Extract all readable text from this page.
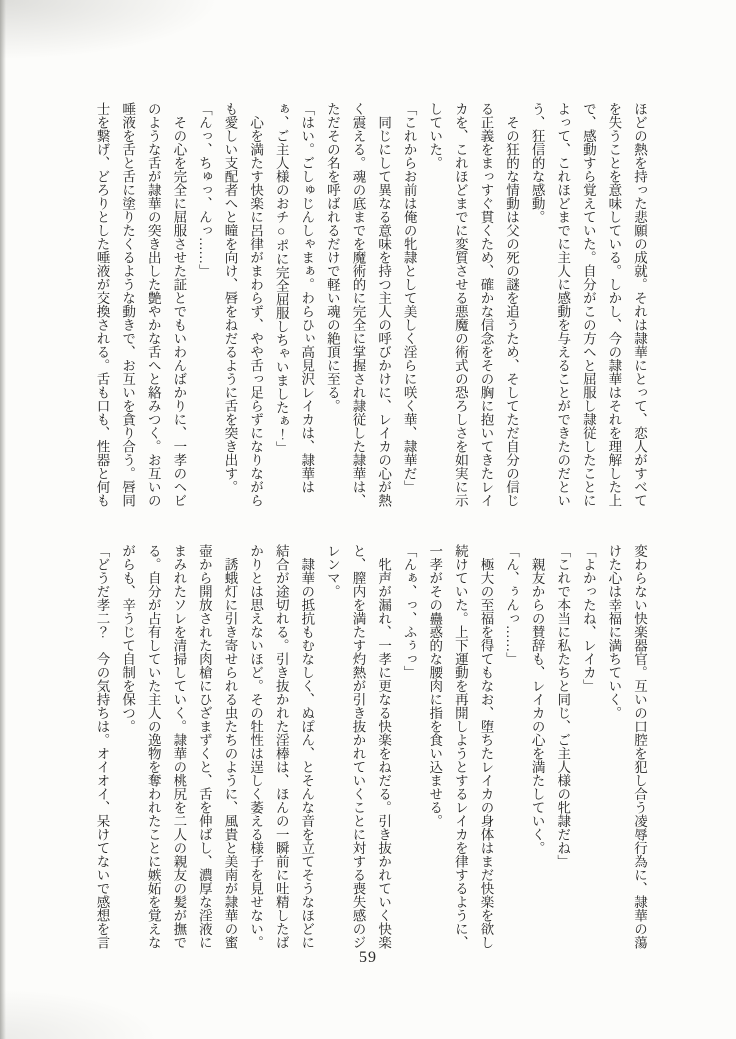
ほどの熱を持った悲願の成就。それは隷華にとって、恋人がすべて
を失うことを意味している。しかし、今の隷華はそれを理解した上
で、感動すら覚えていた。自分がこの方へと屈服し隷従したことに
よって、これほどまでに主人に感動を与えることができたのだとい
う、狂信的な感動。
　その狂的な情動は父の死の謎を追うため、そしてただ自分の信じ
る正義をまっすぐ貫くため、確かな信念をその胸に抱いてきたレイ
カを、これほどまでに変質させる悪魔の術式の恐ろしさを如実に示
していた。
「これからお前は俺の牝隷として美しく淫らに咲く華、隷華だ」
　同じにして異なる意味を持つ主人の呼びかけに、レイカの心が熱
く震える。魂の底までを魔術的に完全に掌握され隷従した隷華は、
ただその名を呼ばれるだけで軽い魂の絶頂に至る。
「はい。ごしゅじんしゃまぁ。わらひぃ高見沢レイカは、隷華は
ぁ、ご主人様のおチ○ポに完全屈服しちゃいましたぁ！」
　心を満たす快楽に呂律がまわらず、やや舌っ足らずになりながら
も愛しい支配者へと瞳を向け、唇をねだるように舌を突き出す。
「んっ、ちゅっ、んっ……」
　その心を完全に屈服させた証とでもいわんばかりに、一孝のヘビ
のような舌が隷華の突き出した艶やかな舌へと絡みつく。お互いの
唾液を舌と舌に塗りたくるような動きで、お互いを貪り合う。唇同
士を繋げ、どろりとした唾液が交換される。舌も口も、性器と何も
変わらない快楽器官。互いの口腔を犯し合う凌辱行為に、隷華の蕩
けた心は幸福に満ちていく。
「よかったね、レイカ」
「これで本当に私たちと同じ、ご主人様の牝隷だね」
　親友からの賛辞も、レイカの心を満たしていく。
「ん、ぅんっ……」
　極大の至福を得てもなお、堕ちたレイカの身体はまだ快楽を欲し
続けていた。上下運動を再開しようとするレイカを律するように、
一孝がその蠱惑的な腰肉に指を食い込ませる。
「んぁ、っ、ふぅっ」
　牝声が漏れ、一孝に更なる快楽をねだる。引き抜かれていく快楽
と、膣内を満たす灼熱が引き抜かれていくことに対する喪失感のジ
レンマ。
　隷華の抵抗もむなしく、ぬぽん、とそんな音を立てそうなほどに
結合が途切れる。引き抜かれた淫棒は、ほんの一瞬前に吐精したば
かりとは思えないほど。その牡性は逞しく萎える様子を見せない。
　誘蛾灯に引き寄せられる虫たちのように、風貴と美南が隷華の蜜
壺から開放された肉槍にひざまずくと、舌を伸ばし、濃厚な淫液に
まみれたソレを清掃していく。隷華の桃尻を二人の親友の髪が撫で
る。自分が占有していた主人の逸物を奪われたことに嫉妬を覚えな
がらも、辛うじて自制を保つ。
「どうだ孝二？　今の気持ちは。オイオイ、呆けてないで感想を言
59
